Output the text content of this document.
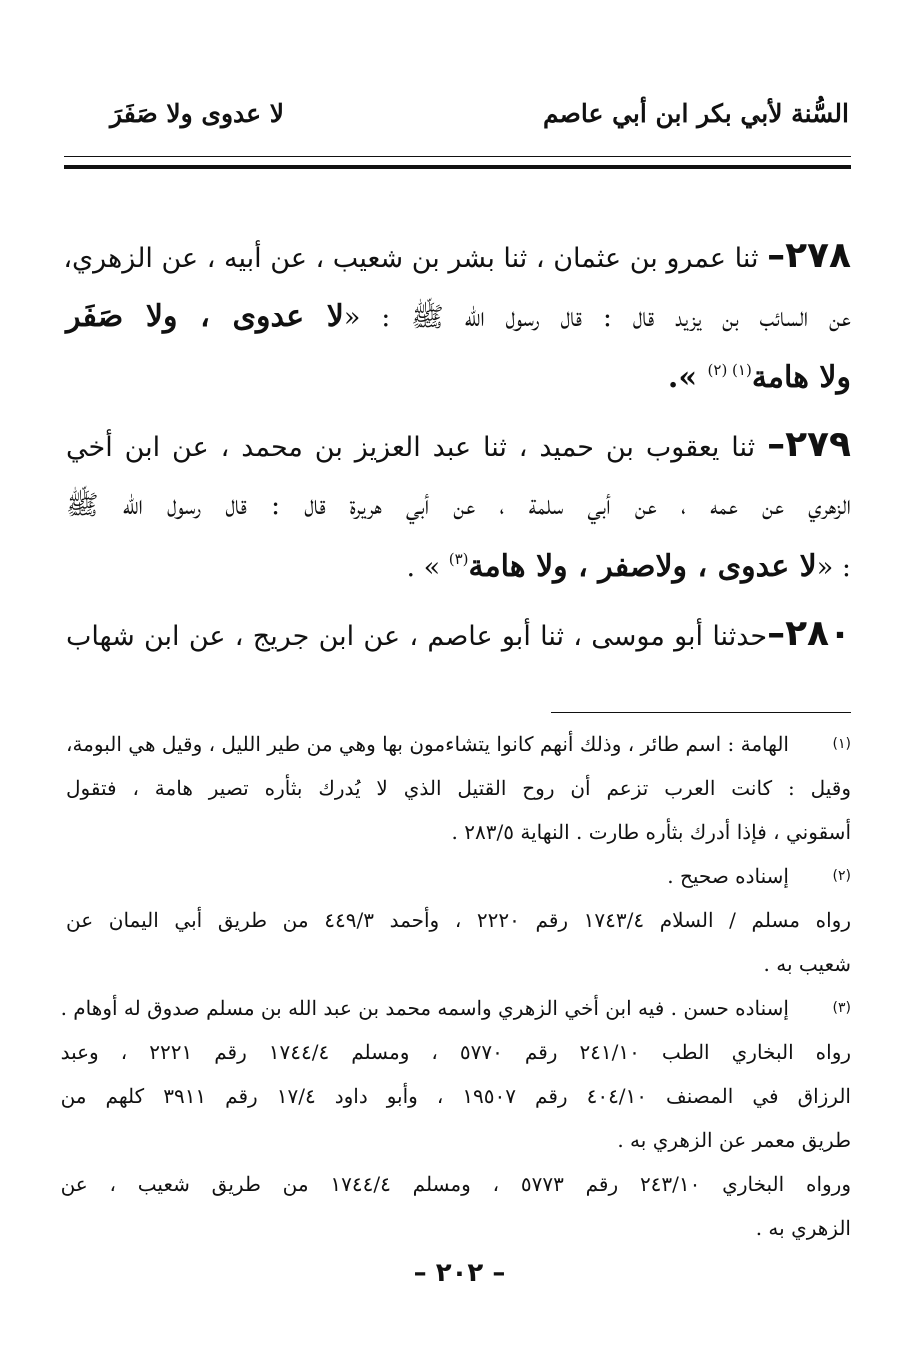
السُّنة لأبي بكر ابن أبي عاصم
لا عدوى ولا صَفَرَ
٢٧٨– ثنا عمرو بن عثمان ، ثنا بشر بن شعيب ، عن أبيه ، عن الزهري،
عن السائب بن يزيد قال : قال رسول الله ﷺ : «لا عدوى ، ولا صَفَر
ولا هامة$^{(١) (٢)}$ ».
٢٧٩– ثنا يعقوب بن حميد ، ثنا عبد العزيز بن محمد ، عن ابن أخي
الزهري عن عمه ، عن أبي سلمة ، عن أبي هريرة قال : قال رسول الله ﷺ
: «لا عدوى ، ولاصفر ، ولا هامة$^{(٣)}$ » .
٢٨٠–حدثنا أبو موسى ، ثنا أبو عاصم ، عن ابن جريج ، عن ابن شهاب
(١)
الهامة : اسم طائر ، وذلك أنهم كانوا يتشاءمون بها وهي من طير الليل ، وقيل هي البومة،
وقيل : كانت العرب تزعم أن روح القتيل الذي لا يُدرك بثأره تصير هامة ، فتقول
أسقوني ، فإذا أدرك بثأره طارت . النهاية ٢٨٣/٥ .
(٢)
إسناده صحيح .
رواه مسلم / السلام ١٧٤٣/٤ رقم ٢٢٢٠ ، وأحمد ٤٤٩/٣ من طريق أبي اليمان عن
شعيب به .
(٣)
إسناده حسن . فيه ابن أخي الزهري واسمه محمد بن عبد الله بن مسلم صدوق له أوهام .
رواه البخاري الطب ٢٤١/١٠ رقم ٥٧٧٠ ، ومسلم ١٧٤٤/٤ رقم ٢٢٢١ ، وعبد
الرزاق في المصنف ٤٠٤/١٠ رقم ١٩٥٠٧ ، وأبو داود ١٧/٤ رقم ٣٩١١ كلهم من
طريق معمر عن الزهري به .
ورواه البخاري ٢٤٣/١٠ رقم ٥٧٧٣ ، ومسلم ١٧٤٤/٤ من طريق شعيب ، عن
الزهري به .
– ٢٠٢ –
